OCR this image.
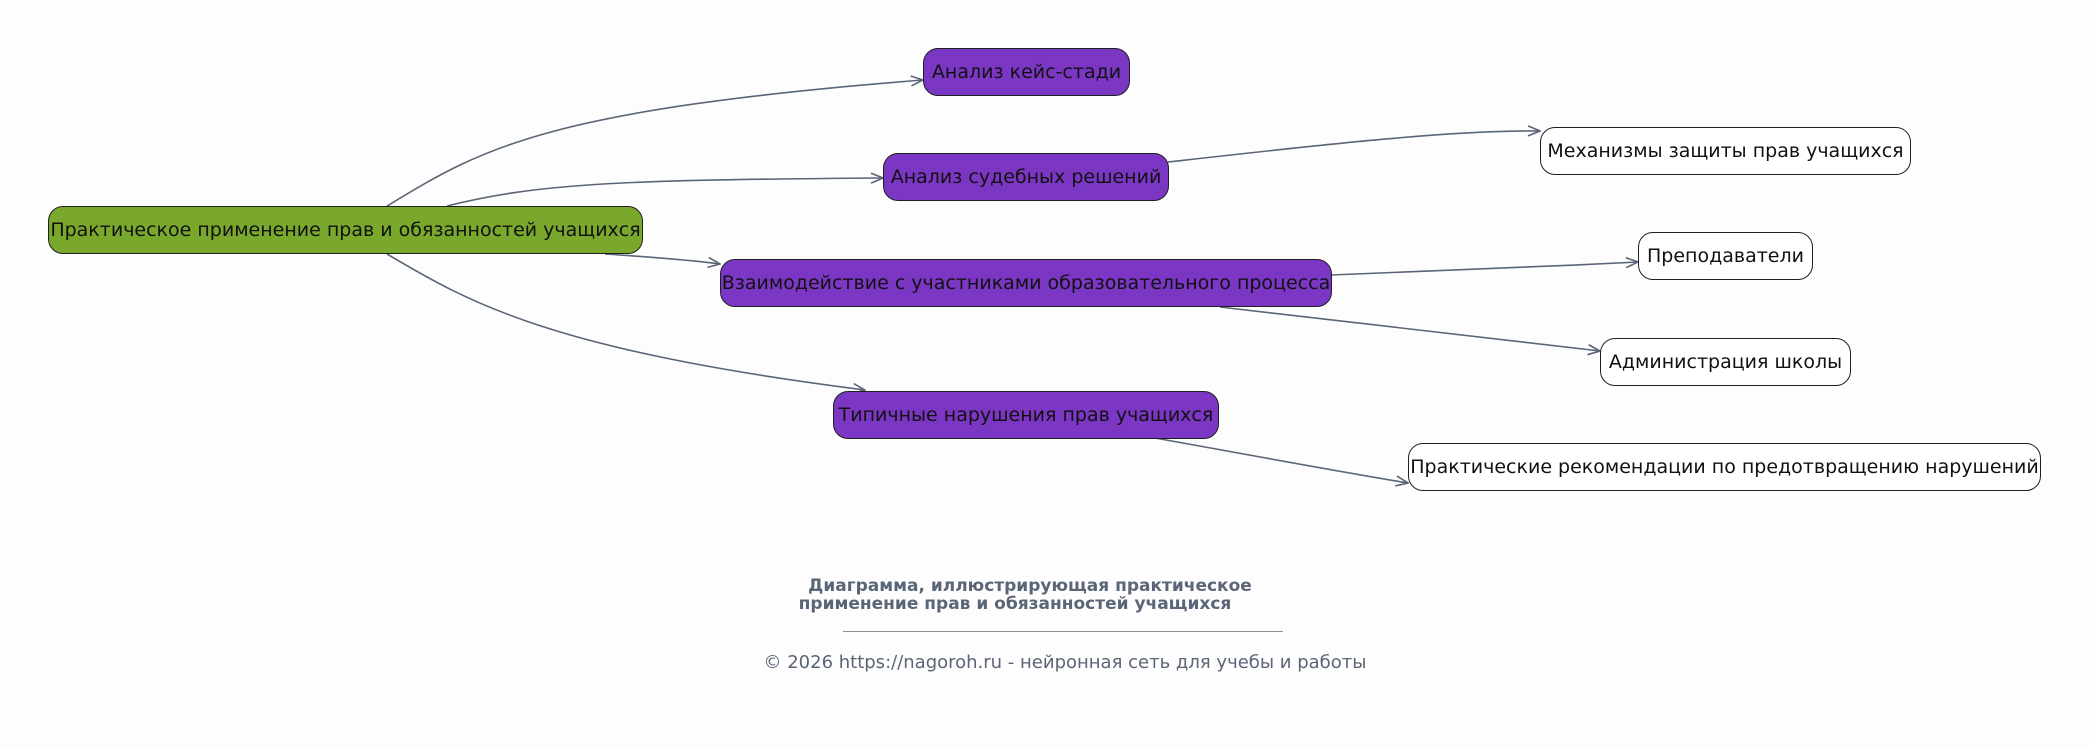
Практическое применение прав и обязанностей учащихся
Анализ кейс-стади
Анализ судебных решений
Взаимодействие с участниками образовательного процесса
Типичные нарушения прав учащихся
Механизмы защиты прав учащихся
Преподаватели
Администрация школы
Практические рекомендации по предотвращению нарушений
Диаграмма, иллюстрирующая практическое
применение прав и обязанностей учащихся
© 2026 https://nagoroh.ru - нейронная сеть для учебы и работы
